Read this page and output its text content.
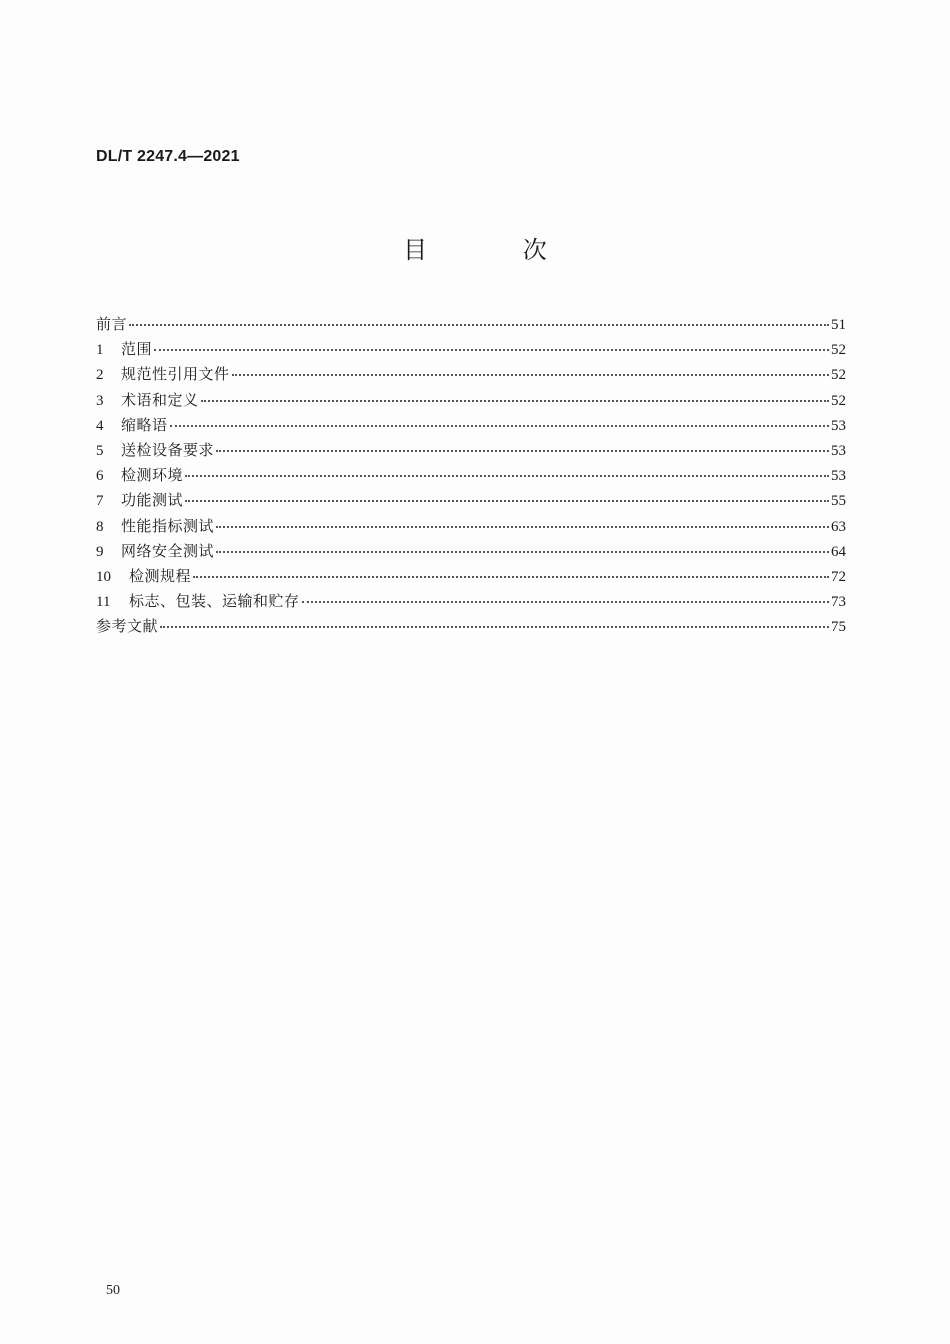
DL/T 2247.4—2021
目 次
前言	51
1	范围	52
2	规范性引用文件	52
3	术语和定义	52
4	缩略语	53
5	送检设备要求	53
6	检测环境	53
7	功能测试	55
8	性能指标测试	63
9	网络安全测试	64
10	检测规程	72
11	标志、包装、运输和贮存	73
参考文献	75
50
